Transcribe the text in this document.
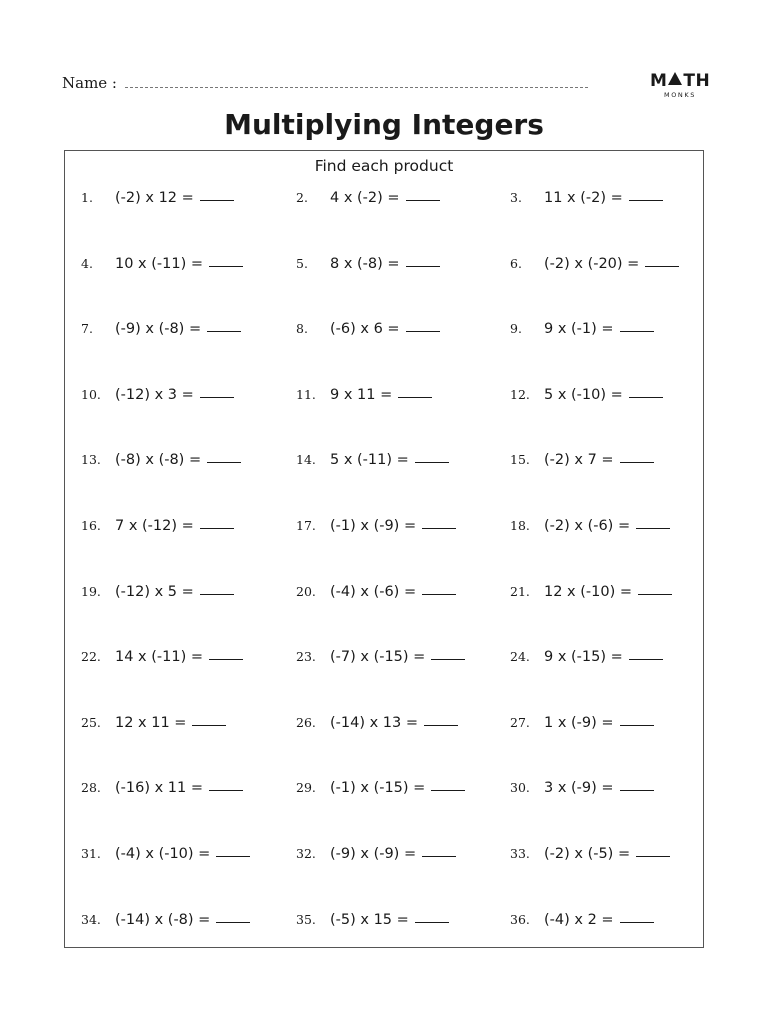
Name :	M TH
MONKS
Multiplying Integers
Find each product
1.	(-2) x 12 =	2.	4 x (-2) =	3.	11 x (-2) =
4.	10 x (-11) =	5.	8 x (-8) =	6.	(-2) x (-20) =
7.	(-9) x (-8) =	8.	(-6) x 6 =	9.	9 x (-1) =
10. (-12) x 3 =	11. 9 x 11 =	12. 5 x (-10) =
13. (-8) x (-8) =	14. 5 x (-11) =	15. (-2) x 7 =
16. 7 x (-12) =	17. (-1) x (-9) =	18. (-2) x (-6) =
19. (-12) x 5 =	20. (-4) x (-6) =	21. 12 x (-10) =
22. 14 x (-11) =	23. (-7) x (-15) =	24. 9 x (-15) =
25. 12 x 11 =	26. (-14) x 13 =	27. 1 x (-9) =
28. (-16) x 11 =	29. (-1) x (-15) =	30. 3 x (-9) =
31. (-4) x (-10) =	32. (-9) x (-9) =	33. (-2) x (-5) =
34. (-14) x (-8) =	35. (-5) x 15 =	36. (-4) x 2 =
